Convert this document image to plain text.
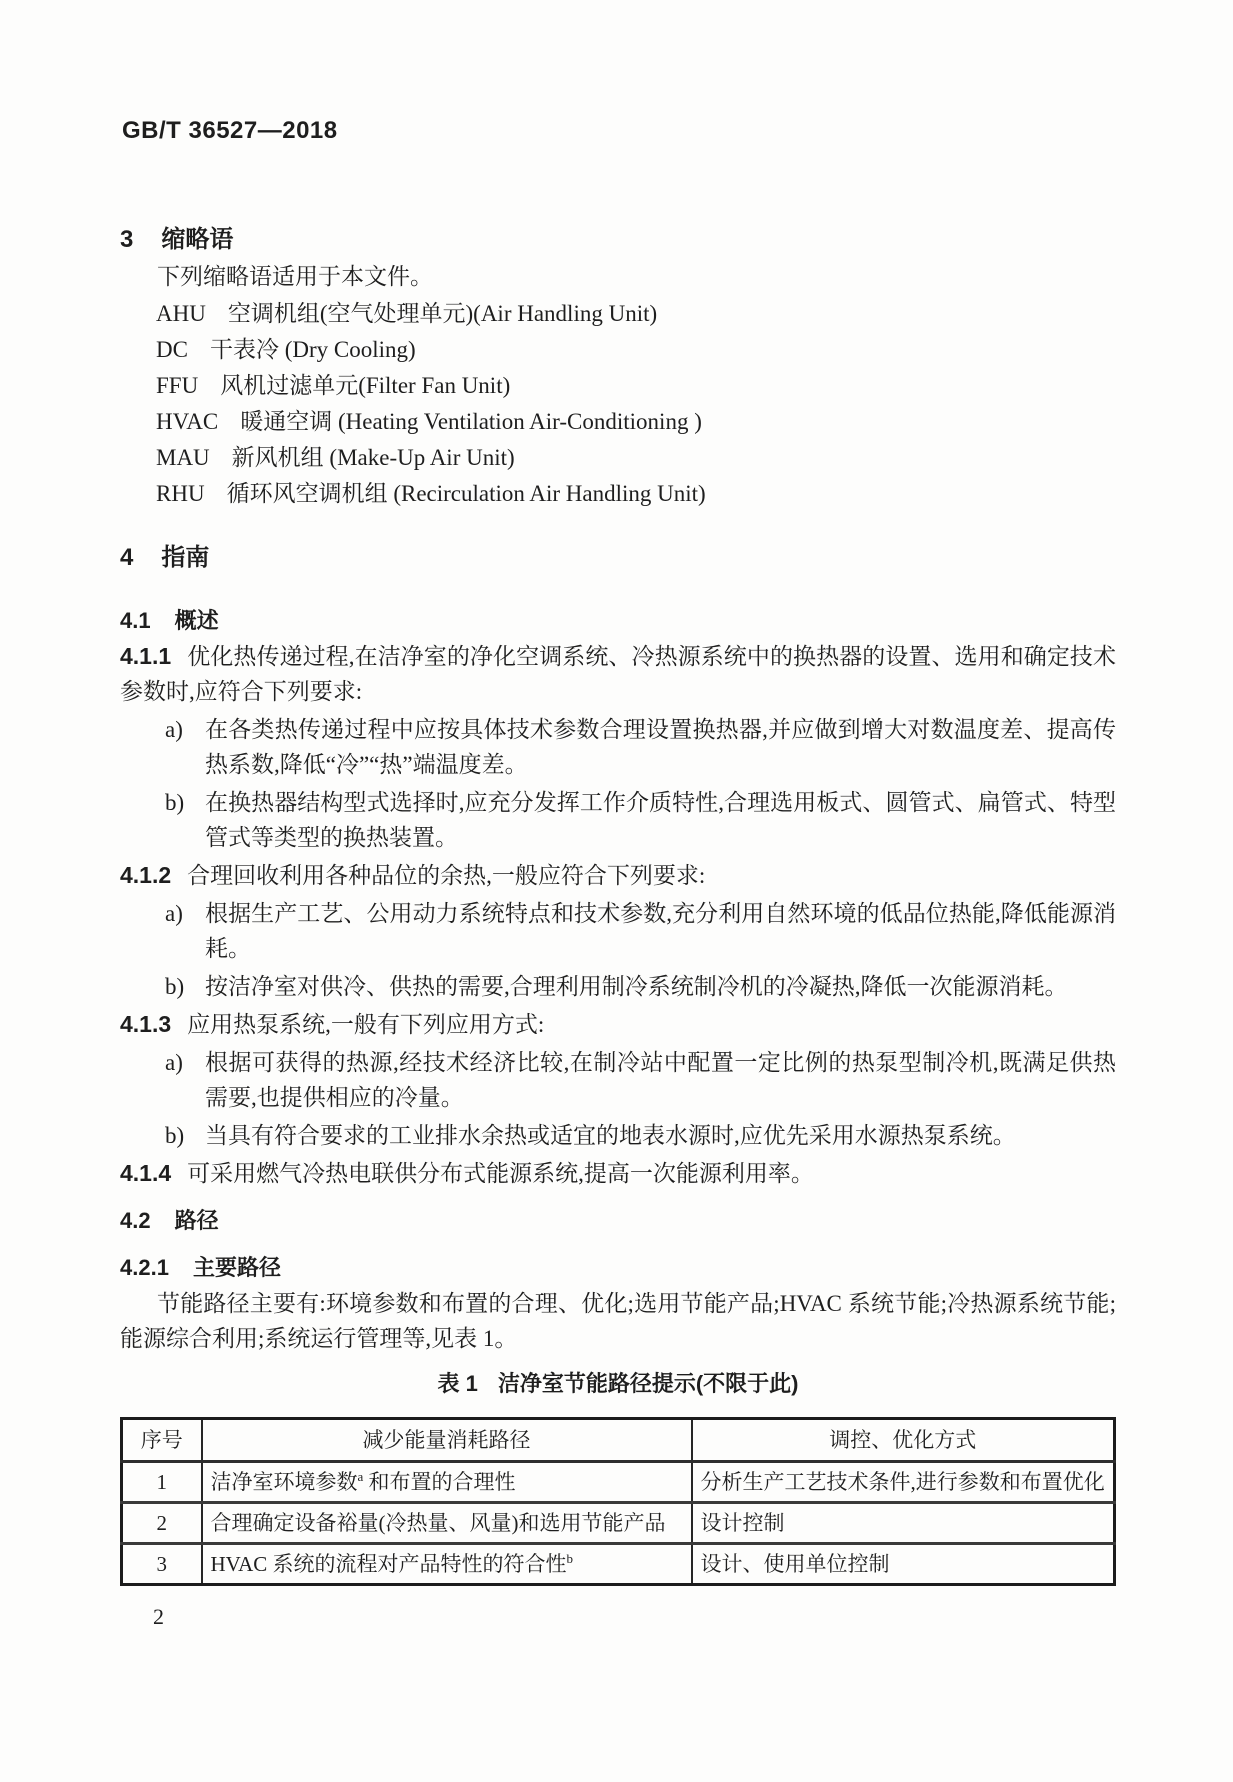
GB/T 36527—2018
3 缩略语

下列缩略语适用于本文件。

AHU 空调机组(空气处理单元)(Air Handling Unit)
DC 干表冷 (Dry Cooling)
FFU 风机过滤单元(Filter Fan Unit)
HVAC 暖通空调 (Heating Ventilation Air-Conditioning )
MAU 新风机组 (Make-Up Air Unit)
RHU 循环风空调机组 (Recirculation Air Handling Unit)
4 指南
4.1 概述

4.1.1 优化热传递过程,在洁净室的净化空调系统、冷热源系统中的换热器的设置、选用和确定技术参数时,应符合下列要求:

a) 在各类热传递过程中应按具体技术参数合理设置换热器,并应做到增大对数温度差、提高传热系数,降低“冷”“热”端温度差。
b) 在换热器结构型式选择时,应充分发挥工作介质特性,合理选用板式、圆管式、扁管式、特型管式等类型的换热装置。

4.1.2 合理回收利用各种品位的余热,一般应符合下列要求:

a) 根据生产工艺、公用动力系统特点和技术参数,充分利用自然环境的低品位热能,降低能源消耗。
b) 按洁净室对供冷、供热的需要,合理利用制冷系统制冷机的冷凝热,降低一次能源消耗。

4.1.3 应用热泵系统,一般有下列应用方式:

a) 根据可获得的热源,经技术经济比较,在制冷站中配置一定比例的热泵型制冷机,既满足供热需要,也提供相应的冷量。
b) 当具有符合要求的工业排水余热或适宜的地表水源时,应优先采用水源热泵系统。

4.1.4 可采用燃气冷热电联供分布式能源系统,提高一次能源利用率。

4.2 路径
4.2.1 主要路径

节能路径主要有:环境参数和布置的合理、优化;选用节能产品;HVAC 系统节能;冷热源系统节能;能源综合利用;系统运行管理等,见表 1。

表 1 洁净室节能路径提示(不限于此)
序号	减少能量消耗路径	调控、优化方式
1	洁净室环境参数$^a$ 和布置的合理性	分析生产工艺技术条件,进行参数和布置优化
2	合理确定设备裕量(冷热量、风量)和选用节能产品	设计控制
3	HVAC 系统的流程对产品特性的符合性$^b$	设计、使用单位控制
2
